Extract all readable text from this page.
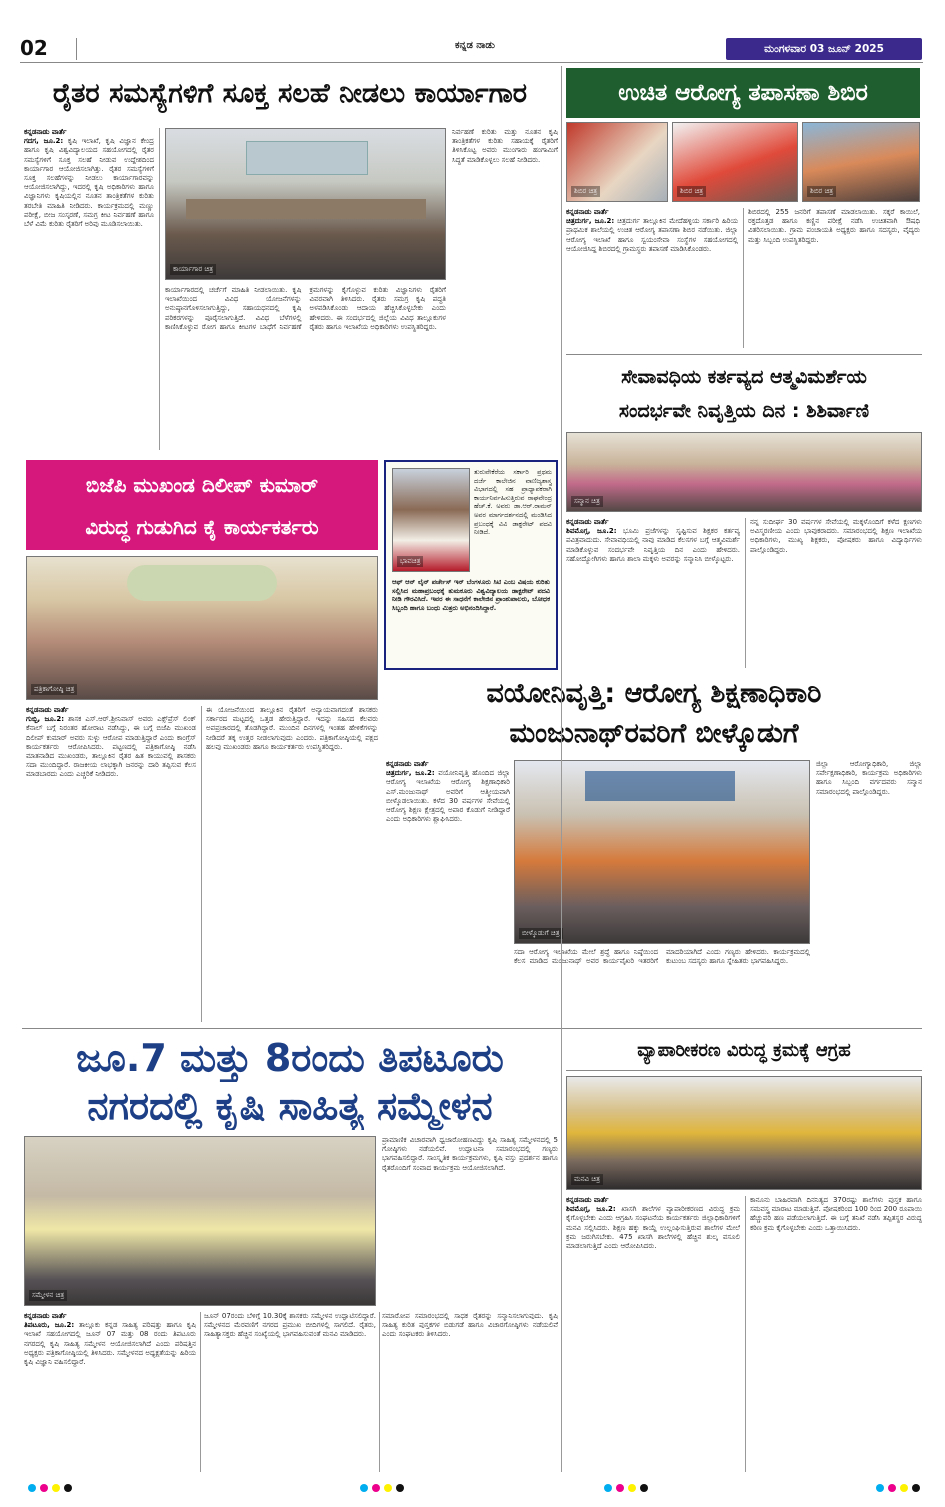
02	ಕನ್ನಡ ನಾಡು	ಮಂಗಳವಾರ 03 ಜೂನ್ 2025
ರೈತರ ಸಮಸ್ಯೆಗಳಿಗೆ ಸೂಕ್ತ ಸಲಹೆ ನೀಡಲು ಕಾರ್ಯಾಗಾರ
ಕನ್ನಡನಾಡು ವಾರ್ತೆ
ಗದಗ, ಜೂ.2: ಕೃಷಿ ಇಲಾಖೆ, ಕೃಷಿ ವಿಜ್ಞಾನ ಕೇಂದ್ರ ಹಾಗೂ ಕೃಷಿ ವಿಶ್ವವಿದ್ಯಾಲಯದ ಸಹಯೋಗದಲ್ಲಿ ರೈತರ ಸಮಸ್ಯೆಗಳಿಗೆ ಸೂಕ್ತ ಸಲಹೆ ನೀಡುವ ಉದ್ದೇಶದಿಂದ ಕಾರ್ಯಾಗಾರ ಆಯೋಜಿಸಲಾಗಿತ್ತು. ರೈತರ ಸಮಸ್ಯೆಗಳಿಗೆ ಸೂಕ್ತ ಸಲಹೆಗಳನ್ನು ನೀಡಲು ಕಾರ್ಯಾಗಾರವನ್ನು ಆಯೋಜಿಸಲಾಗಿದ್ದು, ಇದರಲ್ಲಿ ಕೃಷಿ ಅಧಿಕಾರಿಗಳು ಹಾಗೂ ವಿಜ್ಞಾನಿಗಳು ಕೃಷಿಯಲ್ಲಿನ ನೂತನ ತಾಂತ್ರಿಕತೆಗಳ ಕುರಿತು ತರಬೇತಿ ಮಾಹಿತಿ ನೀಡಿದರು. ಕಾರ್ಯಕ್ರಮದಲ್ಲಿ ಮಣ್ಣು ಪರೀಕ್ಷೆ, ಬೀಜ ಸಂಸ್ಕರಣೆ, ಸಮಗ್ರ ಕೀಟ ನಿರ್ವಹಣೆ ಹಾಗೂ ಬೆಳೆ ವಿಮೆ ಕುರಿತು ರೈತರಿಗೆ ಅರಿವು ಮೂಡಿಸಲಾಯಿತು.
ಕಾರ್ಯಾಗಾರ ಚಿತ್ರ
ನಿರ್ವಹಣೆ ಕುರಿತು ಮತ್ತು ನೂತನ ಕೃಷಿ ತಾಂತ್ರಿಕತೆಗಳ ಕುರಿತು ಸಹಾಯಕ್ಕೆ ರೈತರಿಗೆ ತಿಳಿಸಿಕೊಟ್ಟ ಅವರು ಮುಂಗಾರು ಹಂಗಾಮಿಗೆ ಸಿದ್ಧತೆ ಮಾಡಿಕೊಳ್ಳಲು ಸಲಹೆ ನೀಡಿದರು.
ಕಾರ್ಯಾಗಾರದಲ್ಲಿ ಚರ್ಚೆಗೆ ಮಾಹಿತಿ ನೀಡಲಾಯಿತು. ಕೃಷಿ ಇಲಾಖೆಯಿಂದ ವಿವಿಧ ಯೋಜನೆಗಳನ್ನು ಅನುಷ್ಠಾನಗೊಳಿಸಲಾಗುತ್ತಿದ್ದು, ಸಹಾಯಧನದಲ್ಲಿ ಕೃಷಿ ಪರಿಕರಗಳನ್ನು ಪೂರೈಸಲಾಗುತ್ತಿದೆ. ವಿವಿಧ ಬೆಳೆಗಳಲ್ಲಿ ಕಾಣಿಸಿಕೊಳ್ಳುವ ರೋಗ ಹಾಗೂ ಕೀಟಗಳ ಬಾಧೆಗೆ ನಿರ್ವಹಣೆ ಕ್ರಮಗಳನ್ನು ಕೈಗೊಳ್ಳುವ ಕುರಿತು ವಿಜ್ಞಾನಿಗಳು ರೈತರಿಗೆ ವಿವರವಾಗಿ ತಿಳಿಸಿದರು. ರೈತರು ಸಮಗ್ರ ಕೃಷಿ ಪದ್ಧತಿ ಅಳವಡಿಸಿಕೊಂಡು ಆದಾಯ ಹೆಚ್ಚಿಸಿಕೊಳ್ಳಬೇಕು ಎಂದು ಹೇಳಿದರು. ಈ ಸಂದರ್ಭದಲ್ಲಿ ಜಿಲ್ಲೆಯ ವಿವಿಧ ತಾಲ್ಲೂಕುಗಳ ರೈತರು ಹಾಗೂ ಇಲಾಖೆಯ ಅಧಿಕಾರಿಗಳು ಉಪಸ್ಥಿತರಿದ್ದರು.
ಉಚಿತ ಆರೋಗ್ಯ ತಪಾಸಣಾ ಶಿಬಿರ
ಶಿಬಿರ ಚಿತ್ರ	ಶಿಬಿರ ಚಿತ್ರ	ಶಿಬಿರ ಚಿತ್ರ
ಕನ್ನಡನಾಡು ವಾರ್ತೆ
ಚಿತ್ರದುರ್ಗ, ಜೂ.2: ಚಿತ್ರದುರ್ಗ ತಾಲ್ಲೂಕಿನ ಮೇದೆಹಳ್ಳಿಯ ಸರ್ಕಾರಿ ಹಿರಿಯ ಪ್ರಾಥಮಿಕ ಶಾಲೆಯಲ್ಲಿ ಉಚಿತ ಆರೋಗ್ಯ ತಪಾಸಣಾ ಶಿಬಿರ ನಡೆಯಿತು. ಜಿಲ್ಲಾ ಆರೋಗ್ಯ ಇಲಾಖೆ ಹಾಗೂ ಸ್ವಯಂಸೇವಾ ಸಂಸ್ಥೆಗಳ ಸಹಯೋಗದಲ್ಲಿ ಆಯೋಜಿಸಿದ್ದ ಶಿಬಿರದಲ್ಲಿ ಗ್ರಾಮಸ್ಥರು ತಪಾಸಣೆ ಮಾಡಿಸಿಕೊಂಡರು.
ಶಿಬಿರದಲ್ಲಿ 255 ಜನರಿಗೆ ತಪಾಸಣೆ ಮಾಡಲಾಯಿತು. ಸಕ್ಕರೆ ಕಾಯಿಲೆ, ರಕ್ತದೊತ್ತಡ ಹಾಗೂ ಕಣ್ಣಿನ ಪರೀಕ್ಷೆ ನಡೆಸಿ ಉಚಿತವಾಗಿ ಔಷಧಿ ವಿತರಿಸಲಾಯಿತು. ಗ್ರಾಮ ಪಂಚಾಯತಿ ಅಧ್ಯಕ್ಷರು ಹಾಗೂ ಸದಸ್ಯರು, ವೈದ್ಯರು ಮತ್ತು ಸಿಬ್ಬಂದಿ ಉಪಸ್ಥಿತರಿದ್ದರು.
ಸೇವಾವಧಿಯ ಕರ್ತವ್ಯದ ಆತ್ಮವಿಮರ್ಶೆಯ
ಸಂದರ್ಭವೇ ನಿವೃತ್ತಿಯ ದಿನ : ಶಿಶಿರ್ವಾಣಿ
ಸನ್ಮಾನ ಚಿತ್ರ
ಕನ್ನಡನಾಡು ವಾರ್ತೆ
ಶಿವಮೊಗ್ಗ, ಜೂ.2: ಭೂಮಿ ಪ್ರಜೆಗಳನ್ನು ಸೃಷ್ಟಿಸುವ ಶಿಕ್ಷಕರ ಕರ್ತವ್ಯ ಪವಿತ್ರವಾದುದು. ಸೇವಾವಧಿಯಲ್ಲಿ ನಾವು ಮಾಡಿದ ಕೆಲಸಗಳ ಬಗ್ಗೆ ಆತ್ಮವಿಮರ್ಶೆ ಮಾಡಿಕೊಳ್ಳುವ ಸಂದರ್ಭವೇ ನಿವೃತ್ತಿಯ ದಿನ ಎಂದು ಹೇಳಿದರು. ಸಹೋದ್ಯೋಗಿಗಳು ಹಾಗೂ ಶಾಲಾ ಮಕ್ಕಳು ಅವರನ್ನು ಸನ್ಮಾನಿಸಿ ಬೀಳ್ಕೊಟ್ಟರು.
ನನ್ನ ಸುದೀರ್ಘ 30 ವರ್ಷಗಳ ಸೇವೆಯಲ್ಲಿ ಮಕ್ಕಳೊಂದಿಗೆ ಕಳೆದ ಕ್ಷಣಗಳು ಅವಿಸ್ಮರಣೀಯ ಎಂದು ಭಾವುಕರಾದರು. ಸಮಾರಂಭದಲ್ಲಿ ಶಿಕ್ಷಣ ಇಲಾಖೆಯ ಅಧಿಕಾರಿಗಳು, ಮುಖ್ಯ ಶಿಕ್ಷಕರು, ಪೋಷಕರು ಹಾಗೂ ವಿದ್ಯಾರ್ಥಿಗಳು ಪಾಲ್ಗೊಂಡಿದ್ದರು.
ಬಿಜೆಪಿ ಮುಖಂಡ ದಿಲೀಪ್ ಕುಮಾರ್
ವಿರುದ್ಧ ಗುಡುಗಿದ ಕೈ ಕಾರ್ಯಕರ್ತರು
ಪತ್ರಿಕಾಗೋಷ್ಠಿ ಚಿತ್ರ
ಕನ್ನಡನಾಡು ವಾರ್ತೆ
ಗುಬ್ಬಿ, ಜೂ.2: ಶಾಸಕ ಎಸ್.ಆರ್.ಶ್ರೀನಿವಾಸ್ ಅವರು ಎಕ್ಸ್‌ಪ್ರೆಸ್ ಲಿಂಕ್ ಕೆನಾಲ್ ಬಗ್ಗೆ ನಿರಂತರ ಹೋರಾಟ ನಡೆಸಿದ್ದು, ಈ ಬಗ್ಗೆ ಬಿಜೆಪಿ ಮುಖಂಡ ದಿಲೀಪ್ ಕುಮಾರ್ ಅವರು ಸುಳ್ಳು ಆರೋಪ ಮಾಡುತ್ತಿದ್ದಾರೆ ಎಂದು ಕಾಂಗ್ರೆಸ್ ಕಾರ್ಯಕರ್ತರು ಆರೋಪಿಸಿದರು. ಪಟ್ಟಣದಲ್ಲಿ ಪತ್ರಿಕಾಗೋಷ್ಠಿ ನಡೆಸಿ ಮಾತನಾಡಿದ ಮುಖಂಡರು, ತಾಲ್ಲೂಕಿನ ರೈತರ ಹಿತ ಕಾಯುವಲ್ಲಿ ಶಾಸಕರು ಸದಾ ಮುಂದಿದ್ದಾರೆ. ರಾಜಕೀಯ ಲಾಭಕ್ಕಾಗಿ ಜನರನ್ನು ದಾರಿ ತಪ್ಪಿಸುವ ಕೆಲಸ ಮಾಡಬಾರದು ಎಂದು ಎಚ್ಚರಿಕೆ ನೀಡಿದರು.
ಈ ಯೋಜನೆಯಿಂದ ತಾಲ್ಲೂಕಿನ ರೈತರಿಗೆ ಅನ್ಯಾಯವಾಗದಂತೆ ಶಾಸಕರು ಸರ್ಕಾರದ ಮಟ್ಟದಲ್ಲಿ ಒತ್ತಡ ಹೇರುತ್ತಿದ್ದಾರೆ. ಇದನ್ನು ಸಹಿಸದ ಕೆಲವರು ಅಪಪ್ರಚಾರದಲ್ಲಿ ತೊಡಗಿದ್ದಾರೆ. ಮುಂದಿನ ದಿನಗಳಲ್ಲಿ ಇಂತಹ ಹೇಳಿಕೆಗಳನ್ನು ನೀಡಿದರೆ ತಕ್ಕ ಉತ್ತರ ನೀಡಲಾಗುವುದು ಎಂದರು. ಪತ್ರಿಕಾಗೋಷ್ಠಿಯಲ್ಲಿ ಪಕ್ಷದ ಹಲವು ಮುಖಂಡರು ಹಾಗೂ ಕಾರ್ಯಕರ್ತರು ಉಪಸ್ಥಿತರಿದ್ದರು.
ಭಾವಚಿತ್ರ
ತುರುವೇಕೆರೆಯ ಸರ್ಕಾರಿ ಪ್ರಥಮ ದರ್ಜೆ ಕಾಲೇಜಿನ ವಾಣಿಜ್ಯಶಾಸ್ತ್ರ ವಿಭಾಗದಲ್ಲಿ ಸಹ ಪ್ರಾಧ್ಯಾಪಕರಾಗಿ ಕಾರ್ಯನಿರ್ವಹಿಸುತ್ತಿರುವ ರಾಘವೇಂದ್ರ ಹೆಚ್.ಕೆ. ಅವರು ಡಾ.ಆರ್.ರಾಮನ್ ಅವರ ಮಾರ್ಗದರ್ಶನದಲ್ಲಿ ಮಂಡಿಸಿದ ಪ್ರಬಂಧಕ್ಕೆ ವಿವಿ ಡಾಕ್ಟರೇಟ್ ಪದವಿ ನೀಡಿದೆ.
ಆಫ್ ಆನ್ ಲೈನ್ ಪರ್ಚೇಸ್ ಇನ್ ಬೆಂಗಳೂರು ಸಿಟಿ ಎಂಬ ವಿಷಯ ಕುರಿತು ಸಲ್ಲಿಸಿದ ಮಹಾಪ್ರಬಂಧಕ್ಕೆ ತುಮಕೂರು ವಿಶ್ವವಿದ್ಯಾಲಯ ಡಾಕ್ಟರೇಟ್ ಪದವಿ ನೀಡಿ ಗೌರವಿಸಿದೆ. ಇವರ ಈ ಸಾಧನೆಗೆ ಕಾಲೇಜಿನ ಪ್ರಾಂಶುಪಾಲರು, ಬೋಧಕ ಸಿಬ್ಬಂದಿ ಹಾಗೂ ಬಂಧು ಮಿತ್ರರು ಅಭಿನಂದಿಸಿದ್ದಾರೆ.
ವಯೋನಿವೃತ್ತಿ: ಆರೋಗ್ಯ ಶಿಕ್ಷಣಾಧಿಕಾರಿ
ಮಂಜುನಾಥ್‌ರವರಿಗೆ ಬೀಳ್ಕೊಡುಗೆ
ಕನ್ನಡನಾಡು ವಾರ್ತೆ
ಚಿತ್ರದುರ್ಗ, ಜೂ.2: ವಯೋನಿವೃತ್ತಿ ಹೊಂದಿದ ಜಿಲ್ಲಾ ಆರೋಗ್ಯ ಇಲಾಖೆಯ ಆರೋಗ್ಯ ಶಿಕ್ಷಣಾಧಿಕಾರಿ ಎಸ್.ಮಂಜುನಾಥ್ ಅವರಿಗೆ ಆತ್ಮೀಯವಾಗಿ ಬೀಳ್ಕೊಡಲಾಯಿತು. ಕಳೆದ 30 ವರ್ಷಗಳ ಸೇವೆಯಲ್ಲಿ ಆರೋಗ್ಯ ಶಿಕ್ಷಣ ಕ್ಷೇತ್ರದಲ್ಲಿ ಅಪಾರ ಕೊಡುಗೆ ನೀಡಿದ್ದಾರೆ ಎಂದು ಅಧಿಕಾರಿಗಳು ಶ್ಲಾಘಿಸಿದರು.
ಬೀಳ್ಕೊಡುಗೆ ಚಿತ್ರ
ಜಿಲ್ಲಾ ಆರೋಗ್ಯಾಧಿಕಾರಿ, ಜಿಲ್ಲಾ ಸರ್ವೇಕ್ಷಣಾಧಿಕಾರಿ, ಕಾರ್ಯಕ್ರಮ ಅಧಿಕಾರಿಗಳು ಹಾಗೂ ಸಿಬ್ಬಂದಿ ವರ್ಗದವರು ಸನ್ಮಾನ ಸಮಾರಂಭದಲ್ಲಿ ಪಾಲ್ಗೊಂಡಿದ್ದರು.
ಸದಾ ಆರೋಗ್ಯ ಇಲಾಖೆಯ ಮೇಲೆ ಶ್ರದ್ಧೆ ಹಾಗೂ ನಿಷ್ಠೆಯಿಂದ ಕೆಲಸ ಮಾಡಿದ ಮಂಜುನಾಥ್ ಅವರ ಕಾರ್ಯವೈಖರಿ ಇತರರಿಗೆ ಮಾದರಿಯಾಗಿದೆ ಎಂದು ಗಣ್ಯರು ಹೇಳಿದರು. ಕಾರ್ಯಕ್ರಮದಲ್ಲಿ ಕುಟುಂಬ ಸದಸ್ಯರು ಹಾಗೂ ಸ್ನೇಹಿತರು ಭಾಗವಹಿಸಿದ್ದರು.
ಜೂ.7 ಮತ್ತು 8ರಂದು ತಿಪಟೂರು
ನಗರದಲ್ಲಿ ಕೃಷಿ ಸಾಹಿತ್ಯ ಸಮ್ಮೇಳನ
ಸಮ್ಮೇಳನ ಚಿತ್ರ
ಪ್ರಾಮಾಣಿಕ ವಿಚಾರವಾಗಿ ಧ್ವಜಾರೋಹಣವಿದ್ದು ಕೃಷಿ ಸಾಹಿತ್ಯ ಸಮ್ಮೇಳನದಲ್ಲಿ 5 ಗೋಷ್ಠಿಗಳು ನಡೆಯಲಿವೆ. ಉದ್ಘಾಟನಾ ಸಮಾರಂಭದಲ್ಲಿ ಗಣ್ಯರು ಭಾಗವಹಿಸಲಿದ್ದಾರೆ. ಸಾಂಸ್ಕೃತಿಕ ಕಾರ್ಯಕ್ರಮಗಳು, ಕೃಷಿ ವಸ್ತು ಪ್ರದರ್ಶನ ಹಾಗೂ ರೈತರೊಂದಿಗೆ ಸಂವಾದ ಕಾರ್ಯಕ್ರಮ ಆಯೋಜಿಸಲಾಗಿದೆ.
ಕನ್ನಡನಾಡು ವಾರ್ತೆ
ತಿಪಟೂರು, ಜೂ.2: ತಾಲ್ಲೂಕು ಕನ್ನಡ ಸಾಹಿತ್ಯ ಪರಿಷತ್ತು ಹಾಗೂ ಕೃಷಿ ಇಲಾಖೆ ಸಹಯೋಗದಲ್ಲಿ ಜೂನ್ 07 ಮತ್ತು 08 ರಂದು ತಿಪಟೂರು ನಗರದಲ್ಲಿ ಕೃಷಿ ಸಾಹಿತ್ಯ ಸಮ್ಮೇಳನ ಆಯೋಜಿಸಲಾಗಿದೆ ಎಂದು ಪರಿಷತ್ತಿನ ಅಧ್ಯಕ್ಷರು ಪತ್ರಿಕಾಗೋಷ್ಠಿಯಲ್ಲಿ ತಿಳಿಸಿದರು. ಸಮ್ಮೇಳನದ ಅಧ್ಯಕ್ಷತೆಯನ್ನು ಹಿರಿಯ ಕೃಷಿ ವಿಜ್ಞಾನಿ ವಹಿಸಲಿದ್ದಾರೆ.
ಜೂನ್ 07ರಂದು ಬೆಳಿಗ್ಗೆ 10.30ಕ್ಕೆ ಶಾಸಕರು ಸಮ್ಮೇಳನ ಉದ್ಘಾಟಿಸಲಿದ್ದಾರೆ. ಸಮ್ಮೇಳನದ ಮೆರವಣಿಗೆ ನಗರದ ಪ್ರಮುಖ ಬೀದಿಗಳಲ್ಲಿ ಸಾಗಲಿದೆ. ರೈತರು, ಸಾಹಿತ್ಯಾಸಕ್ತರು ಹೆಚ್ಚಿನ ಸಂಖ್ಯೆಯಲ್ಲಿ ಭಾಗವಹಿಸುವಂತೆ ಮನವಿ ಮಾಡಿದರು.
ಸಮಾರೋಪ ಸಮಾರಂಭದಲ್ಲಿ ಸಾಧಕ ರೈತರನ್ನು ಸನ್ಮಾನಿಸಲಾಗುವುದು. ಕೃಷಿ ಸಾಹಿತ್ಯ ಕುರಿತ ಪುಸ್ತಕಗಳ ಬಿಡುಗಡೆ ಹಾಗೂ ವಿಚಾರಗೋಷ್ಠಿಗಳು ನಡೆಯಲಿವೆ ಎಂದು ಸಂಘಟಕರು ತಿಳಿಸಿದರು.
ವ್ಯಾಪಾರೀಕರಣ ವಿರುದ್ಧ ಕ್ರಮಕ್ಕೆ ಆಗ್ರಹ
ಮನವಿ ಚಿತ್ರ
ಕನ್ನಡನಾಡು ವಾರ್ತೆ
ಶಿವಮೊಗ್ಗ, ಜೂ.2: ಖಾಸಗಿ ಶಾಲೆಗಳ ವ್ಯಾಪಾರೀಕರಣದ ವಿರುದ್ಧ ಕ್ರಮ ಕೈಗೊಳ್ಳಬೇಕು ಎಂದು ಆಗ್ರಹಿಸಿ ಸಂಘಟನೆಯ ಕಾರ್ಯಕರ್ತರು ಜಿಲ್ಲಾಧಿಕಾರಿಗಳಿಗೆ ಮನವಿ ಸಲ್ಲಿಸಿದರು. ಶಿಕ್ಷಣ ಹಕ್ಕು ಕಾಯ್ದೆ ಉಲ್ಲಂಘಿಸುತ್ತಿರುವ ಶಾಲೆಗಳ ಮೇಲೆ ಕ್ರಮ ಜರುಗಿಸಬೇಕು. 475 ಖಾಸಗಿ ಶಾಲೆಗಳಲ್ಲಿ ಹೆಚ್ಚಿನ ಶುಲ್ಕ ವಸೂಲಿ ಮಾಡಲಾಗುತ್ತಿದೆ ಎಂದು ಆರೋಪಿಸಿದರು.
ಕಾನೂನು ಬಾಹಿರವಾಗಿ ದಿನನಿತ್ಯದ 370ರಷ್ಟು ಶಾಲೆಗಳು ಪುಸ್ತಕ ಹಾಗೂ ಸಮವಸ್ತ್ರ ಮಾರಾಟ ಮಾಡುತ್ತಿವೆ. ಪೋಷಕರಿಂದ 100 ರಿಂದ 200 ರೂಪಾಯಿ ಹೆಚ್ಚುವರಿ ಹಣ ಪಡೆಯಲಾಗುತ್ತಿದೆ. ಈ ಬಗ್ಗೆ ತನಿಖೆ ನಡೆಸಿ ತಪ್ಪಿತಸ್ಥರ ವಿರುದ್ಧ ಕಠಿಣ ಕ್ರಮ ಕೈಗೊಳ್ಳಬೇಕು ಎಂದು ಒತ್ತಾಯಿಸಿದರು.
